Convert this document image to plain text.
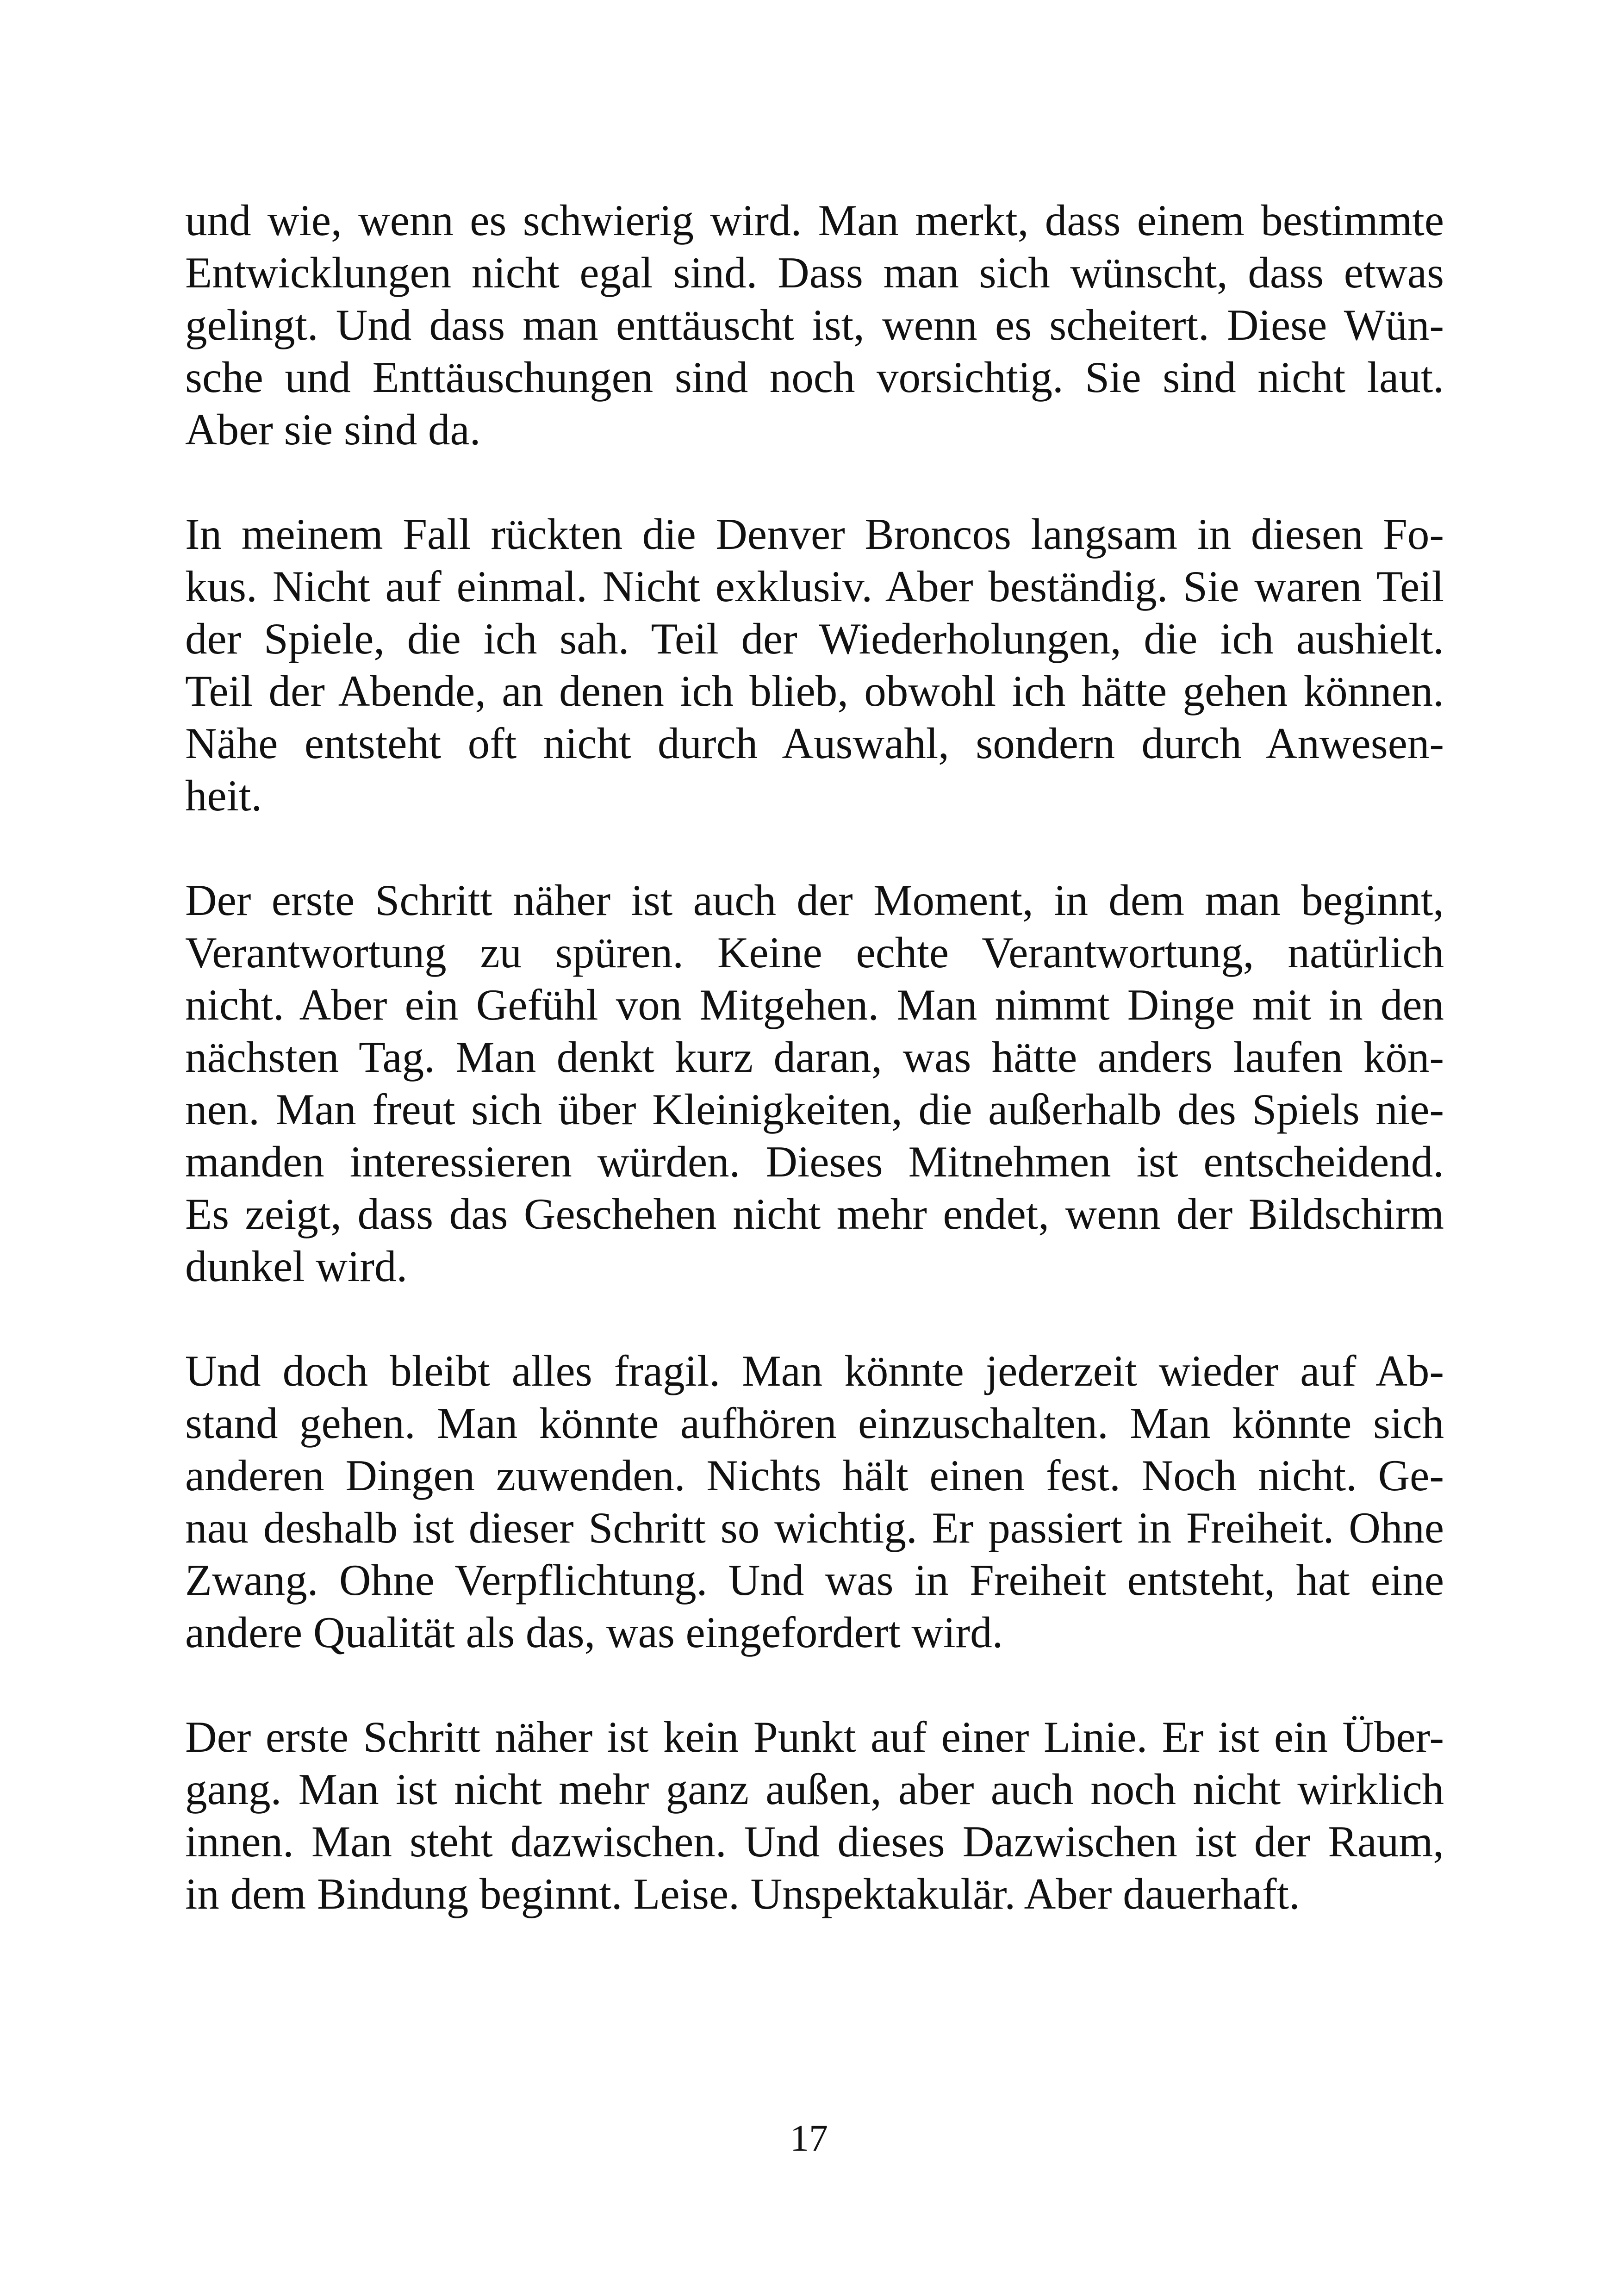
und wie, wenn es schwierig wird. Man merkt, dass einem bestimmte
Entwicklungen nicht egal sind. Dass man sich wünscht, dass etwas
gelingt. Und dass man enttäuscht ist, wenn es scheitert. Diese Wün-
sche und Enttäuschungen sind noch vorsichtig. Sie sind nicht laut.
Aber sie sind da.

In meinem Fall rückten die Denver Broncos langsam in diesen Fo-
kus. Nicht auf einmal. Nicht exklusiv. Aber beständig. Sie waren Teil
der Spiele, die ich sah. Teil der Wiederholungen, die ich aushielt.
Teil der Abende, an denen ich blieb, obwohl ich hätte gehen können.
Nähe entsteht oft nicht durch Auswahl, sondern durch Anwesen-
heit.

Der erste Schritt näher ist auch der Moment, in dem man beginnt,
Verantwortung zu spüren. Keine echte Verantwortung, natürlich
nicht. Aber ein Gefühl von Mitgehen. Man nimmt Dinge mit in den
nächsten Tag. Man denkt kurz daran, was hätte anders laufen kön-
nen. Man freut sich über Kleinigkeiten, die außerhalb des Spiels nie-
manden interessieren würden. Dieses Mitnehmen ist entscheidend.
Es zeigt, dass das Geschehen nicht mehr endet, wenn der Bildschirm
dunkel wird.

Und doch bleibt alles fragil. Man könnte jederzeit wieder auf Ab-
stand gehen. Man könnte aufhören einzuschalten. Man könnte sich
anderen Dingen zuwenden. Nichts hält einen fest. Noch nicht. Ge-
nau deshalb ist dieser Schritt so wichtig. Er passiert in Freiheit. Ohne
Zwang. Ohne Verpflichtung. Und was in Freiheit entsteht, hat eine
andere Qualität als das, was eingefordert wird.

Der erste Schritt näher ist kein Punkt auf einer Linie. Er ist ein Über-
gang. Man ist nicht mehr ganz außen, aber auch noch nicht wirklich
innen. Man steht dazwischen. Und dieses Dazwischen ist der Raum,
in dem Bindung beginnt. Leise. Unspektakulär. Aber dauerhaft.

17
